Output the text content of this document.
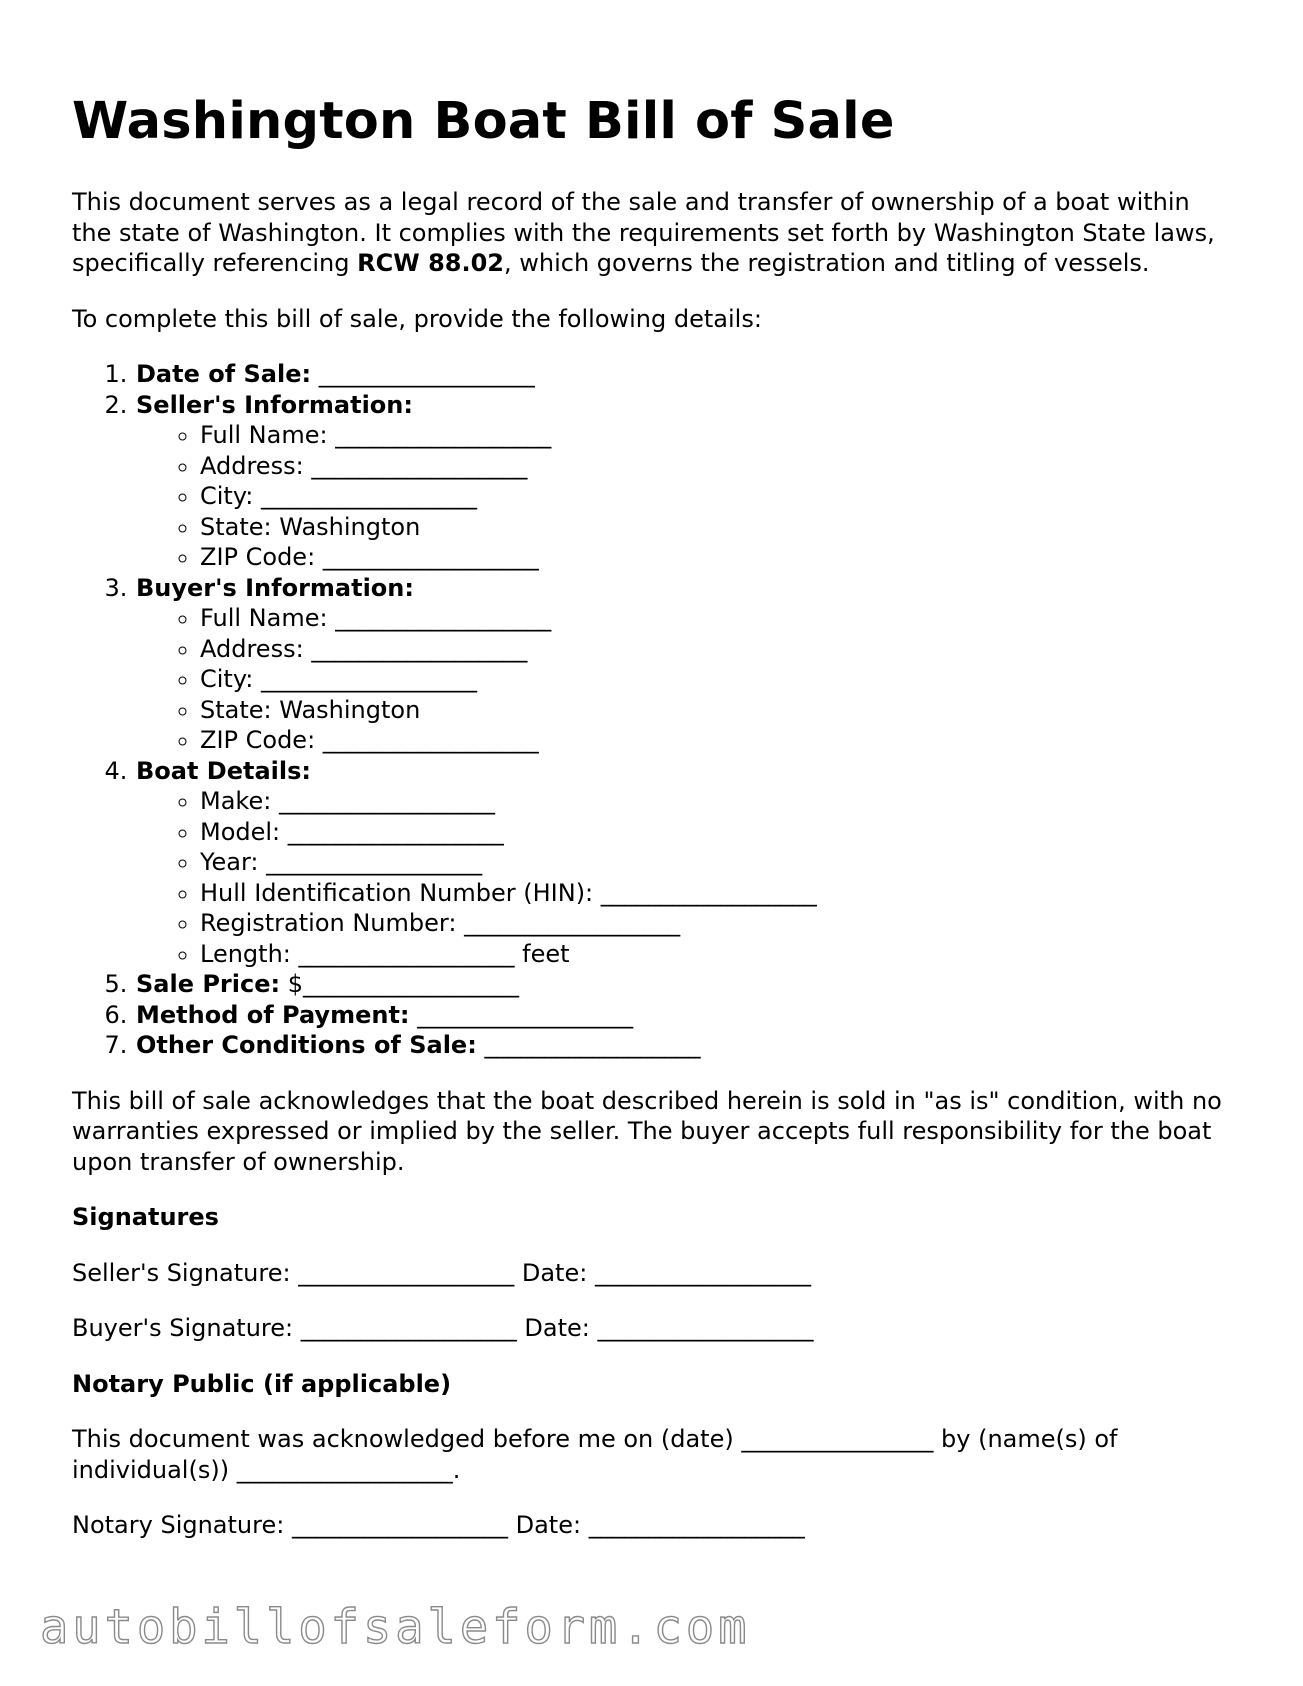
Washington Boat Bill of Sale

This document serves as a legal record of the sale and transfer of ownership of a boat within the state of Washington. It complies with the requirements set forth by Washington State laws, specifically referencing RCW 88.02, which governs the registration and titling of vessels.

To complete this bill of sale, provide the following details:

1. Date of Sale: __________________
2. Seller's Information:
◦ Full Name: __________________
◦ Address: __________________
◦ City: __________________
◦ State: Washington
◦ ZIP Code: __________________
3. Buyer's Information:
◦ Full Name: __________________
◦ Address: __________________
◦ City: __________________
◦ State: Washington
◦ ZIP Code: __________________
4. Boat Details:
◦ Make: __________________
◦ Model: __________________
◦ Year: __________________
◦ Hull Identification Number (HIN): __________________
◦ Registration Number: __________________
◦ Length: __________________ feet
5. Sale Price: $__________________
6. Method of Payment: __________________
7. Other Conditions of Sale: __________________

This bill of sale acknowledges that the boat described herein is sold in "as is" condition, with no warranties expressed or implied by the seller. The buyer accepts full responsibility for the boat upon transfer of ownership.

Signatures

Seller's Signature: __________________ Date: __________________

Buyer's Signature: __________________ Date: __________________

Notary Public (if applicable)

This document was acknowledged before me on (date) ________________ by (name(s) of individual(s)) __________________.

Notary Signature: __________________ Date: __________________

autobillofsaleform.com
